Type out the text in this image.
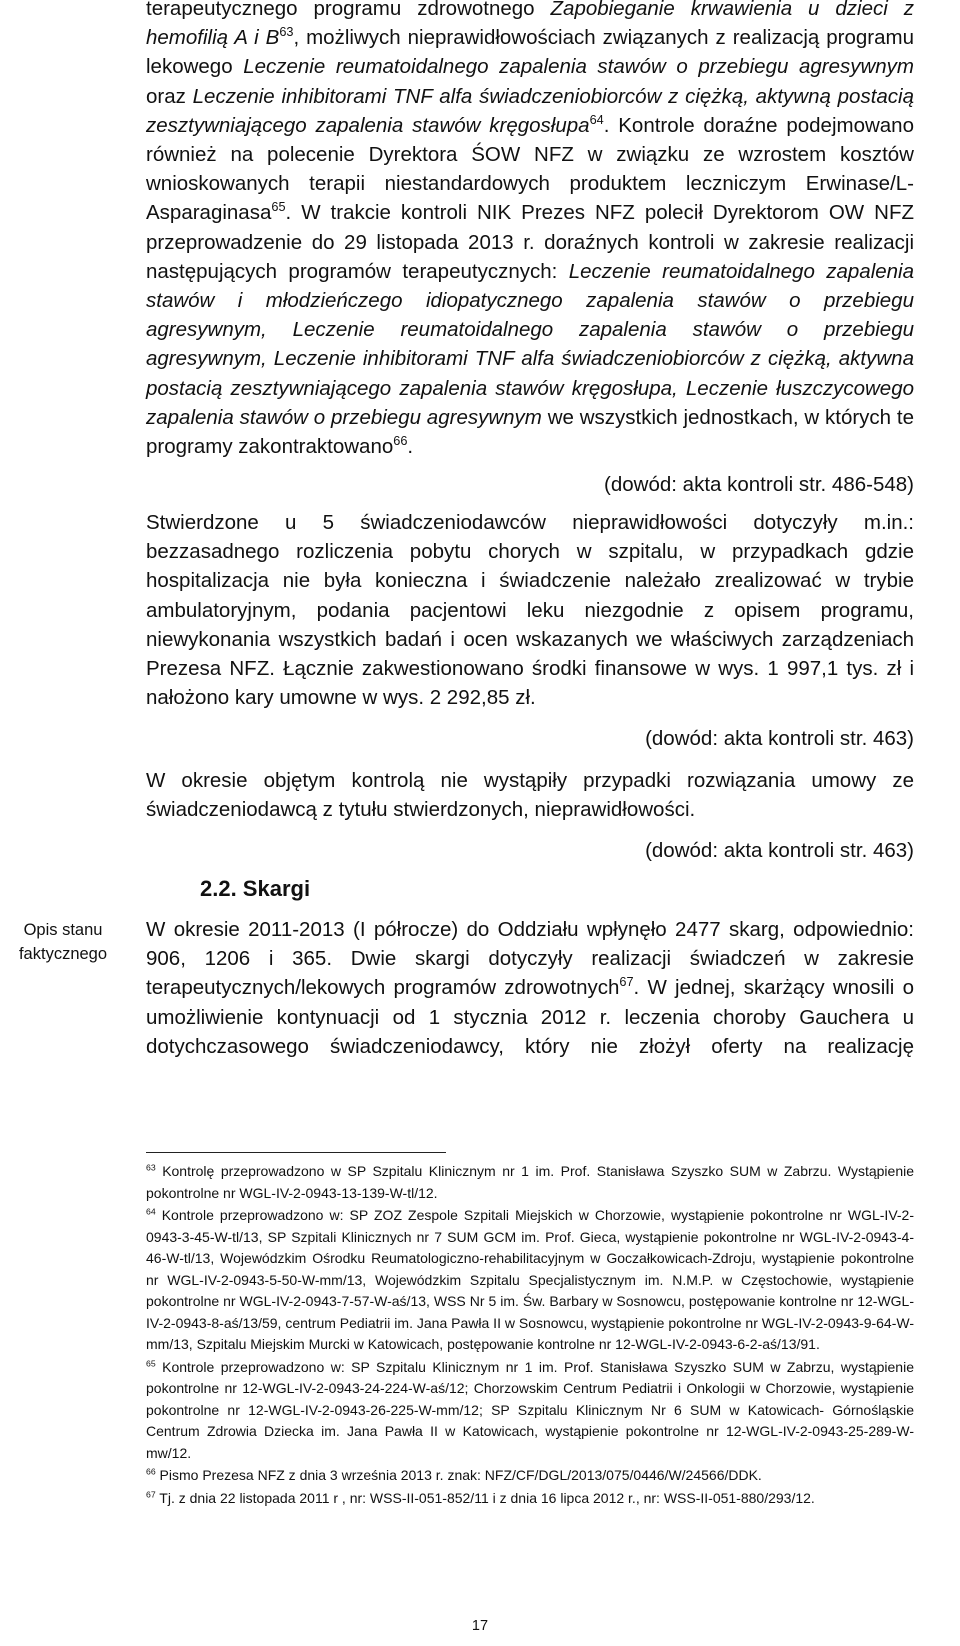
terapeutycznego programu zdrowotnego Zapobieganie krwawienia u dzieci z hemofilią A i $B^{63}$, możliwych nieprawidłowościach związanych z realizacją programu lekowego Leczenie reumatoidalnego zapalenia stawów o przebiegu agresywnym oraz Leczenie inhibitorami TNF alfa świadczeniobiorców z ciężką, aktywną postacią zesztywniającego zapalenia stawów kręgosłupa$^{64}$. Kontrole doraźne podejmowano również na polecenie Dyrektora ŚOW NFZ w związku ze wzrostem kosztów wnioskowanych terapii niestandardowych produktem leczniczym Erwinase/L-Asparaginasa$^{65}$. W trakcie kontroli NIK Prezes NFZ polecił Dyrektorom OW NFZ przeprowadzenie do 29 listopada 2013 r. doraźnych kontroli w zakresie realizacji następujących programów terapeutycznych: Leczenie reumatoidalnego zapalenia stawów i młodzieńczego idiopatycznego zapalenia stawów o przebiegu agresywnym, Leczenie reumatoidalnego zapalenia stawów o przebiegu agresywnym, Leczenie inhibitorami TNF alfa świadczeniobiorców z ciężką, aktywna postacią zesztywniającego zapalenia stawów kręgosłupa, Leczenie łuszczycowego zapalenia stawów o przebiegu agresywnym we wszystkich jednostkach, w których te programy zakontraktowano$^{66}$.

(dowód: akta kontroli str. 486-548)

Stwierdzone u 5 świadczeniodawców nieprawidłowości dotyczyły m.in.: bezzasadnego rozliczenia pobytu chorych w szpitalu, w przypadkach gdzie hospitalizacja nie była konieczna i świadczenie należało zrealizować w trybie ambulatoryjnym, podania pacjentowi leku niezgodnie z opisem programu, niewykonania wszystkich badań i ocen wskazanych we właściwych zarządzeniach Prezesa NFZ. Łącznie zakwestionowano środki finansowe w wys. 1 997,1 tys. zł i nałożono kary umowne w wys. 2 292,85 zł.

(dowód: akta kontroli str. 463)

W okresie objętym kontrolą nie wystąpiły przypadki rozwiązania umowy ze świadczeniodawcą z tytułu stwierdzonych, nieprawidłowości.

(dowód: akta kontroli str. 463)
2.2. Skargi
Opis stanu faktycznego

W okresie 2011-2013 (I półrocze) do Oddziału wpłynęło 2477 skarg, odpowiednio: 906, 1206 i 365. Dwie skargi dotyczyły realizacji świadczeń w zakresie terapeutycznych/lekowych programów zdrowotnych$^{67}$. W jednej, skarżący wnosili o umożliwienie kontynuacji od 1 stycznia 2012 r. leczenia choroby Gauchera u dotychczasowego świadczeniodawcy, który nie złożył oferty na realizację

$^{63}$ Kontrolę przeprowadzono w SP Szpitalu Klinicznym nr 1 im. Prof. Stanisława Szyszko SUM w Zabrzu. Wystąpienie pokontrolne nr WGL-IV-2-0943-13-139-W-tl/12.

$^{64}$ Kontrole przeprowadzono w: SP ZOZ Zespole Szpitali Miejskich w Chorzowie, wystąpienie pokontrolne nr WGL-IV-2-0943-3-45-W-tl/13, SP Szpitali Klinicznych nr 7 SUM GCM im. Prof. Gieca, wystąpienie pokontrolne nr WGL-IV-2-0943-4-46-W-tl/13, Wojewódzkim Ośrodku Reumatologiczno-rehabilitacyjnym w Goczałkowicach-Zdroju, wystąpienie pokontrolne nr WGL-IV-2-0943-5-50-W-mm/13, Wojewódzkim Szpitalu Specjalistycznym im. N.M.P. w Częstochowie, wystąpienie pokontrolne nr WGL-IV-2-0943-7-57-W-aś/13, WSS Nr 5 im. Św. Barbary w Sosnowcu, postępowanie kontrolne nr 12-WGL-IV-2-0943-8-aś/13/59, centrum Pediatrii im. Jana Pawła II w Sosnowcu, wystąpienie pokontrolne nr WGL-IV-2-0943-9-64-W-mm/13, Szpitalu Miejskim Murcki w Katowicach, postępowanie kontrolne nr 12-WGL-IV-2-0943-6-2-aś/13/91.

$^{65}$ Kontrole przeprowadzono w: SP Szpitalu Klinicznym nr 1 im. Prof. Stanisława Szyszko SUM w Zabrzu, wystąpienie pokontrolne nr 12-WGL-IV-2-0943-24-224-W-aś/12; Chorzowskim Centrum Pediatrii i Onkologii w Chorzowie, wystąpienie pokontrolne nr 12-WGL-IV-2-0943-26-225-W-mm/12; SP Szpitalu Klinicznym Nr 6 SUM w Katowicach- Górnośląskie Centrum Zdrowia Dziecka im. Jana Pawła II w Katowicach, wystąpienie pokontrolne nr 12-WGL-IV-2-0943-25-289-W-mw/12.

$^{66}$ Pismo Prezesa NFZ z dnia 3 września 2013 r. znak: NFZ/CF/DGL/2013/075/0446/W/24566/DDK.

$^{67}$ Tj. z dnia 22 listopada 2011 r , nr: WSS-II-051-852/11 i z dnia 16 lipca 2012 r., nr: WSS-II-051-880/293/12.

17
